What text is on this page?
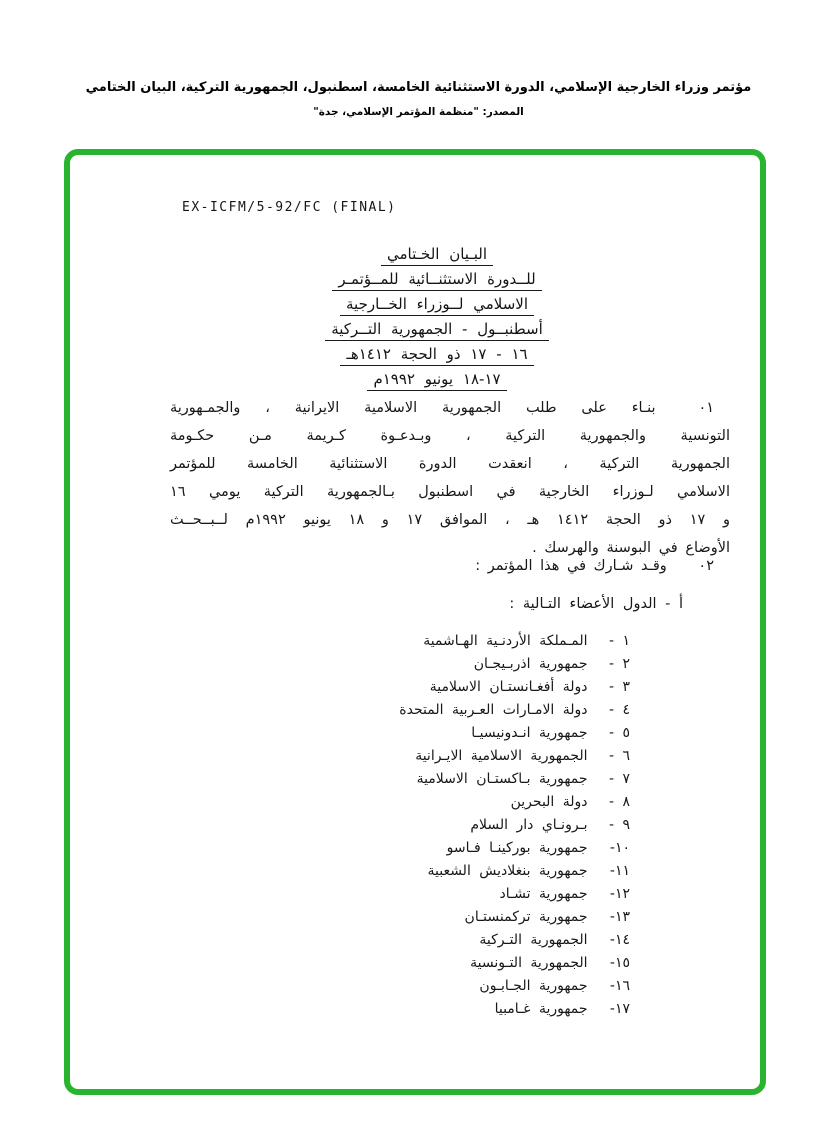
مؤتمر وزراء الخارجية الإسلامي، الدورة الاستثنائية الخامسة، اسطنبول، الجمهورية التركية، البيان الختامي
المصدر: "منظمة المؤتمر الإسلامي، جدة"
EX-ICFM/5-92/FC (FINAL)
البـيان الخـتامي
للــدورة الاستثنــائية للمــؤتمـر
الاسلامي لــوزراء الخــارجية
أسطنبــول - الجمهورية التــركية
١٦ - ١٧ ذو الحجة ١٤١٢هـ
١٧-١٨ يونيو ١٩٩٢م
٠١ بنـاء على طلب الجمهورية الاسلامية الايرانية ، والجمـهورية
التونسية والجمهورية التركية ، وبـدعـوة كـريمة مـن حكـومة
الجمهورية التركية ، انعقدت الدورة الاستثنائية الخامسة للمؤتمر
الاسلامي لـوزراء الخارجية في اسطنبول بـالجمهورية التركية يومي ١٦
و ١٧ ذو الحجة ١٤١٢ هـ ، الموافق ١٧ و ١٨ يونيو ١٩٩٢م لــبــحــث
الأوضاع في البوسنة والهرسك .
٠٢ وقـد شـارك في هذا المؤتمر :
أ - الدول الأعضاء التـالية :
١ - المـملكة الأردنـية الهـاشمية
٢ - جمهورية اذربـيجـان
٣ - دولة أفغـانستـان الاسلامية
٤ - دولة الامـارات العـربية المتحدة
٥ - جمهورية انـدونيسيـا
٦ - الجمهورية الاسلامية الايـرانية
٧ - جمهورية بـاكستـان الاسلامية
٨ - دولة البحرين
٩ - بـرونـاي دار السلام
١٠- جمهورية بوركينـا فـاسو
١١- جمهورية بنغلاديش الشعبية
١٢- جمهورية تشـاد
١٣- جمهورية تركمنستـان
١٤- الجمهورية التـركية
١٥- الجمهورية التـونسية
١٦- جمهورية الجـابـون
١٧- جمهورية غـامبيا
